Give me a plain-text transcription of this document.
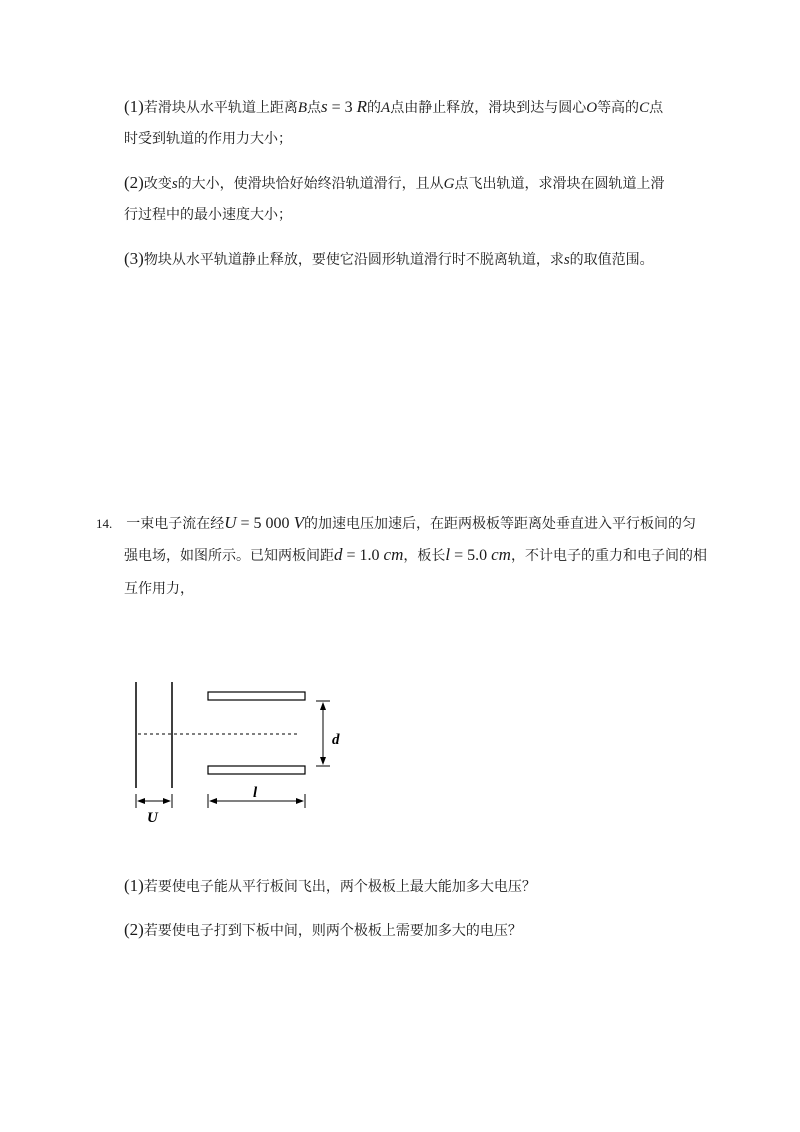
(1)若滑块从水平轨道上距离B点s = 3 R的A点由静止释放，滑块到达与圆心O等高的C点
时受到轨道的作用力大小；
(2)改变s的大小，使滑块恰好始终沿轨道滑行，且从G点飞出轨道，求滑块在圆轨道上滑
行过程中的最小速度大小；
(3)物块从水平轨道静止释放，要使它沿圆形轨道滑行时不脱离轨道，求s的取值范围。
14. 一束电子流在经U = 5 000 V的加速电压加速后，在距两极板等距离处垂直进入平行板间的匀
强电场，如图所示。已知两板间距d = 1.0 cm，板长l = 5.0 cm，不计电子的重力和电子间的相
互作用力，
d
l
U
(1)若要使电子能从平行板间飞出，两个极板上最大能加多大电压？
(2)若要使电子打到下板中间，则两个极板上需要加多大的电压？
